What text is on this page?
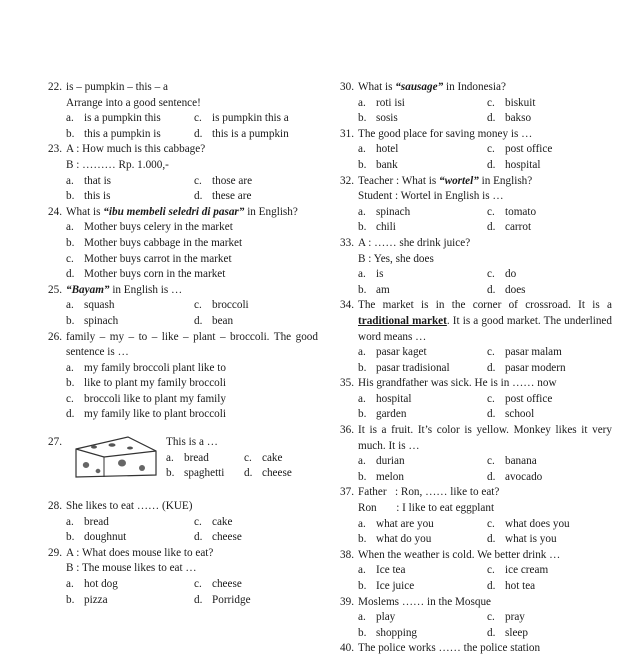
22. is – pumpkin – this – a
Arrange into a good sentence!
a. is a pumpkin this	c. is pumpkin this a
b. this a pumpkin is	d. this is a pumpkin
23. A : How much is this cabbage?
B : ……… Rp. 1.000,-
a. that is	c. those are
b. this is	d. these are
24. What is “ibu membeli seledri di pasar” in English?
a. Mother buys celery in the market
b. Mother buys cabbage in the market
c. Mother buys carrot in the market
d. Mother buys corn in the market
25. “Bayam” in English is …
a. squash	c. broccoli
b. spinach	d. bean
26. family – my – to – like – plant – broccoli. The good sentence is …
a. my family broccoli plant like to
b. like to plant my family broccoli
c. broccoli like to plant my family
d. my family like to plant broccoli
27.	This is a …
a. bread	c. cake
b. spaghetti d. cheese
28. She likes to eat …… (KUE)
a. bread	c. cake
b. doughnut	d. cheese
29. A : What does mouse like to eat?
B : The mouse likes to eat …
a. hot dog	c. cheese
b. pizza	d. Porridge
30. What is “sausage” in Indonesia?
a. roti isi	c. biskuit
b. sosis	d. bakso
31. The good place for saving money is …
a. hotel	c. post office
b. bank	d. hospital
32. Teacher : What is “wortel” in English?
Student : Wortel in English is …
a. spinach	c. tomato
b. chili	d. carrot
33. A : …… she drink juice?
B : Yes, she does
a. is	c. do
b. am	d. does
34. The market is in the corner of crossroad. It is a traditional market. It is a good market. The underlined word means …
a. pasar kaget	c. pasar malam
b. pasar tradisional	d. pasar modern
35. His grandfather was sick. He is in …… now
a. hospital	c. post office
b. garden	d. school
36. It is a fruit. It’s color is yellow. Monkey likes it very much. It is …
a. durian	c. banana
b. melon	d. avocado
37. Father   : Ron, …… like to eat?
Ron       : I like to eat eggplant
a. what are you	c. what does you
b. what do you	d. what is you
38. When the weather is cold. We better drink …
a. Ice tea	c. ice cream
b. Ice juice	d. hot tea
39. Moslems …… in the Mosque
a. play	c. pray
b. shopping	d. sleep
40. The police works …… the police station
